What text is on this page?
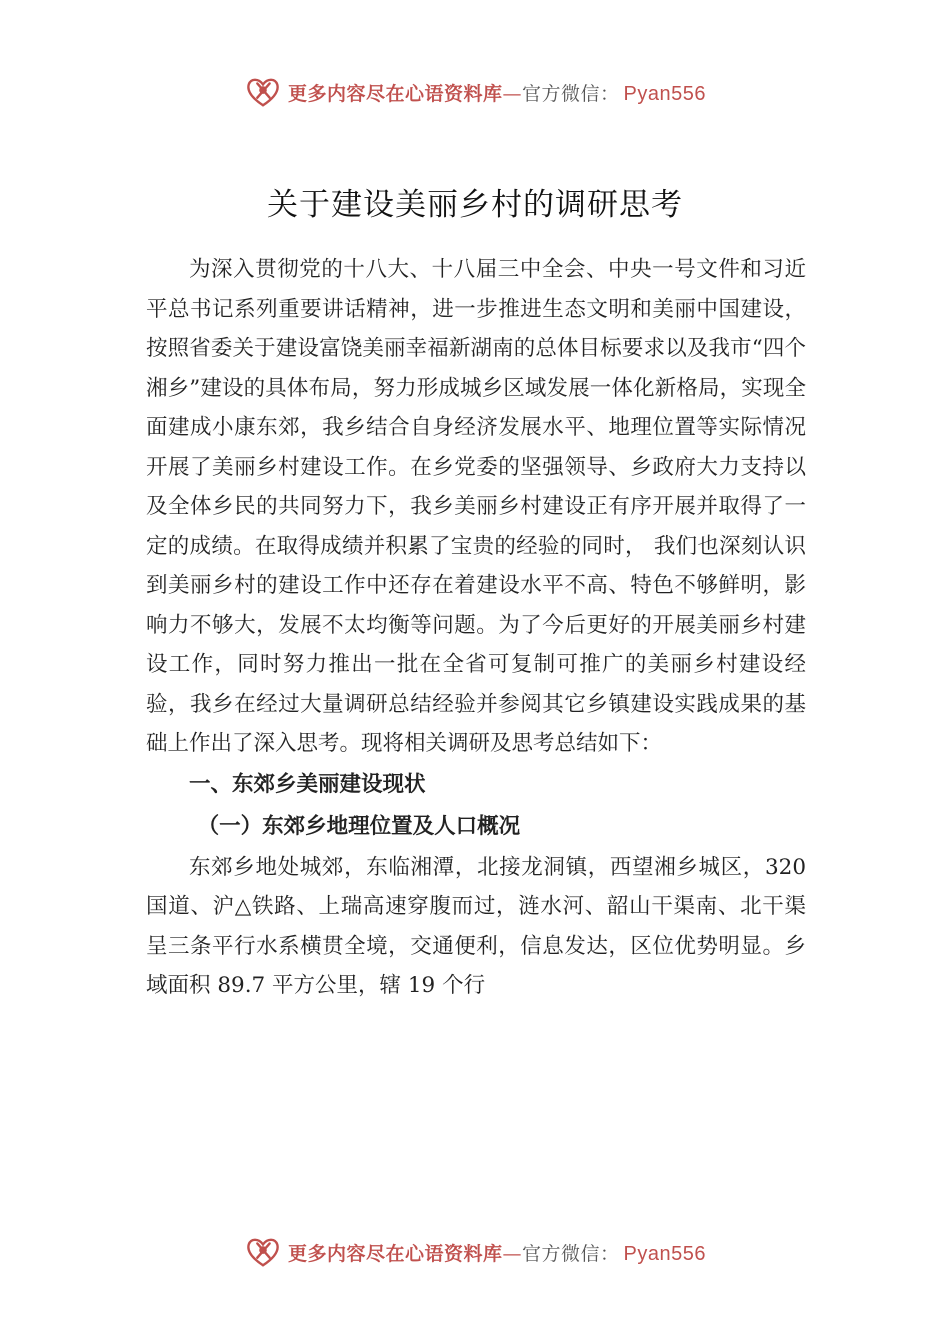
更多内容尽在心语资料库 — 官方微信 ： Pyan556
关于建设美丽乡村的调研思考

为深入贯彻党的十八大、十八届三中全会、中央一号文件和习近平总书记系列重要讲话精神，进一步推进生态文明和美丽中国建设，按照省委关于建设富饶美丽幸福新湖南的总体目标要求以及我市“四个湘乡”建设的具体布局，努力形成城乡区域发展一体化新格局，实现全面建成小康东郊，我乡结合自身经济发展水平、地理位置等实际情况开展了美丽乡村建设工作。在乡党委的坚强领导、乡政府大力支持以及全体乡民的共同努力下，我乡美丽乡村建设正有序开展并取得了一定的成绩。在取得成绩并积累了宝贵的经验的同时， 我们也深刻认识到美丽乡村的建设工作中还存在着建设水平不高、特色不够鲜明，影响力不够大，发展不太均衡等问题。为了今后更好的开展美丽乡村建设工作，同时努力推出一批在全省可复制可推广的美丽乡村建设经验，我乡在经过大量调研总结经验并参阅其它乡镇建设实践成果的基础上作出了深入思考。现将相关调研及思考总结如下：

一、东郊乡美丽建设现状
（一）东郊乡地理位置及人口概况

东郊乡地处城郊，东临湘潭，北接龙洞镇，西望湘乡城区，320 国道、沪△铁路、上瑞高速穿腹而过，涟水河、韶山干渠南、北干渠呈三条平行水系横贯全境，交通便利，信息发达，区位优势明显。乡域面积 89.7 平方公里，辖 19 个行

更多内容尽在心语资料库 — 官方微信 ： Pyan556
